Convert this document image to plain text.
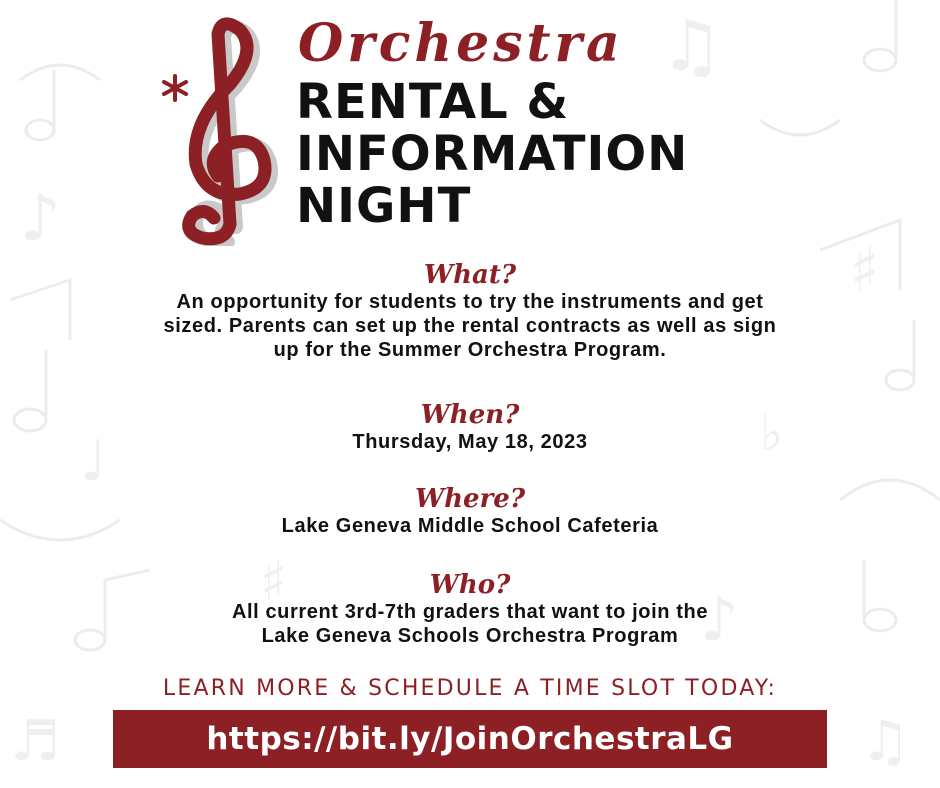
♫
♯
♪
♩
♯
♪
♫
♬
♭
Orchestra
RENTAL &
INFORMATION
NIGHT
What?
An opportunity for students to try the instruments and get
sized. Parents can set up the rental contracts as well as sign
up for the Summer Orchestra Program.
When?
Thursday, May 18, 2023
Where?
Lake Geneva Middle School Cafeteria
Who?
All current 3rd-7th graders that want to join the
Lake Geneva Schools Orchestra Program
LEARN MORE & SCHEDULE A TIME SLOT TODAY:
https://bit.ly/JoinOrchestraLG
